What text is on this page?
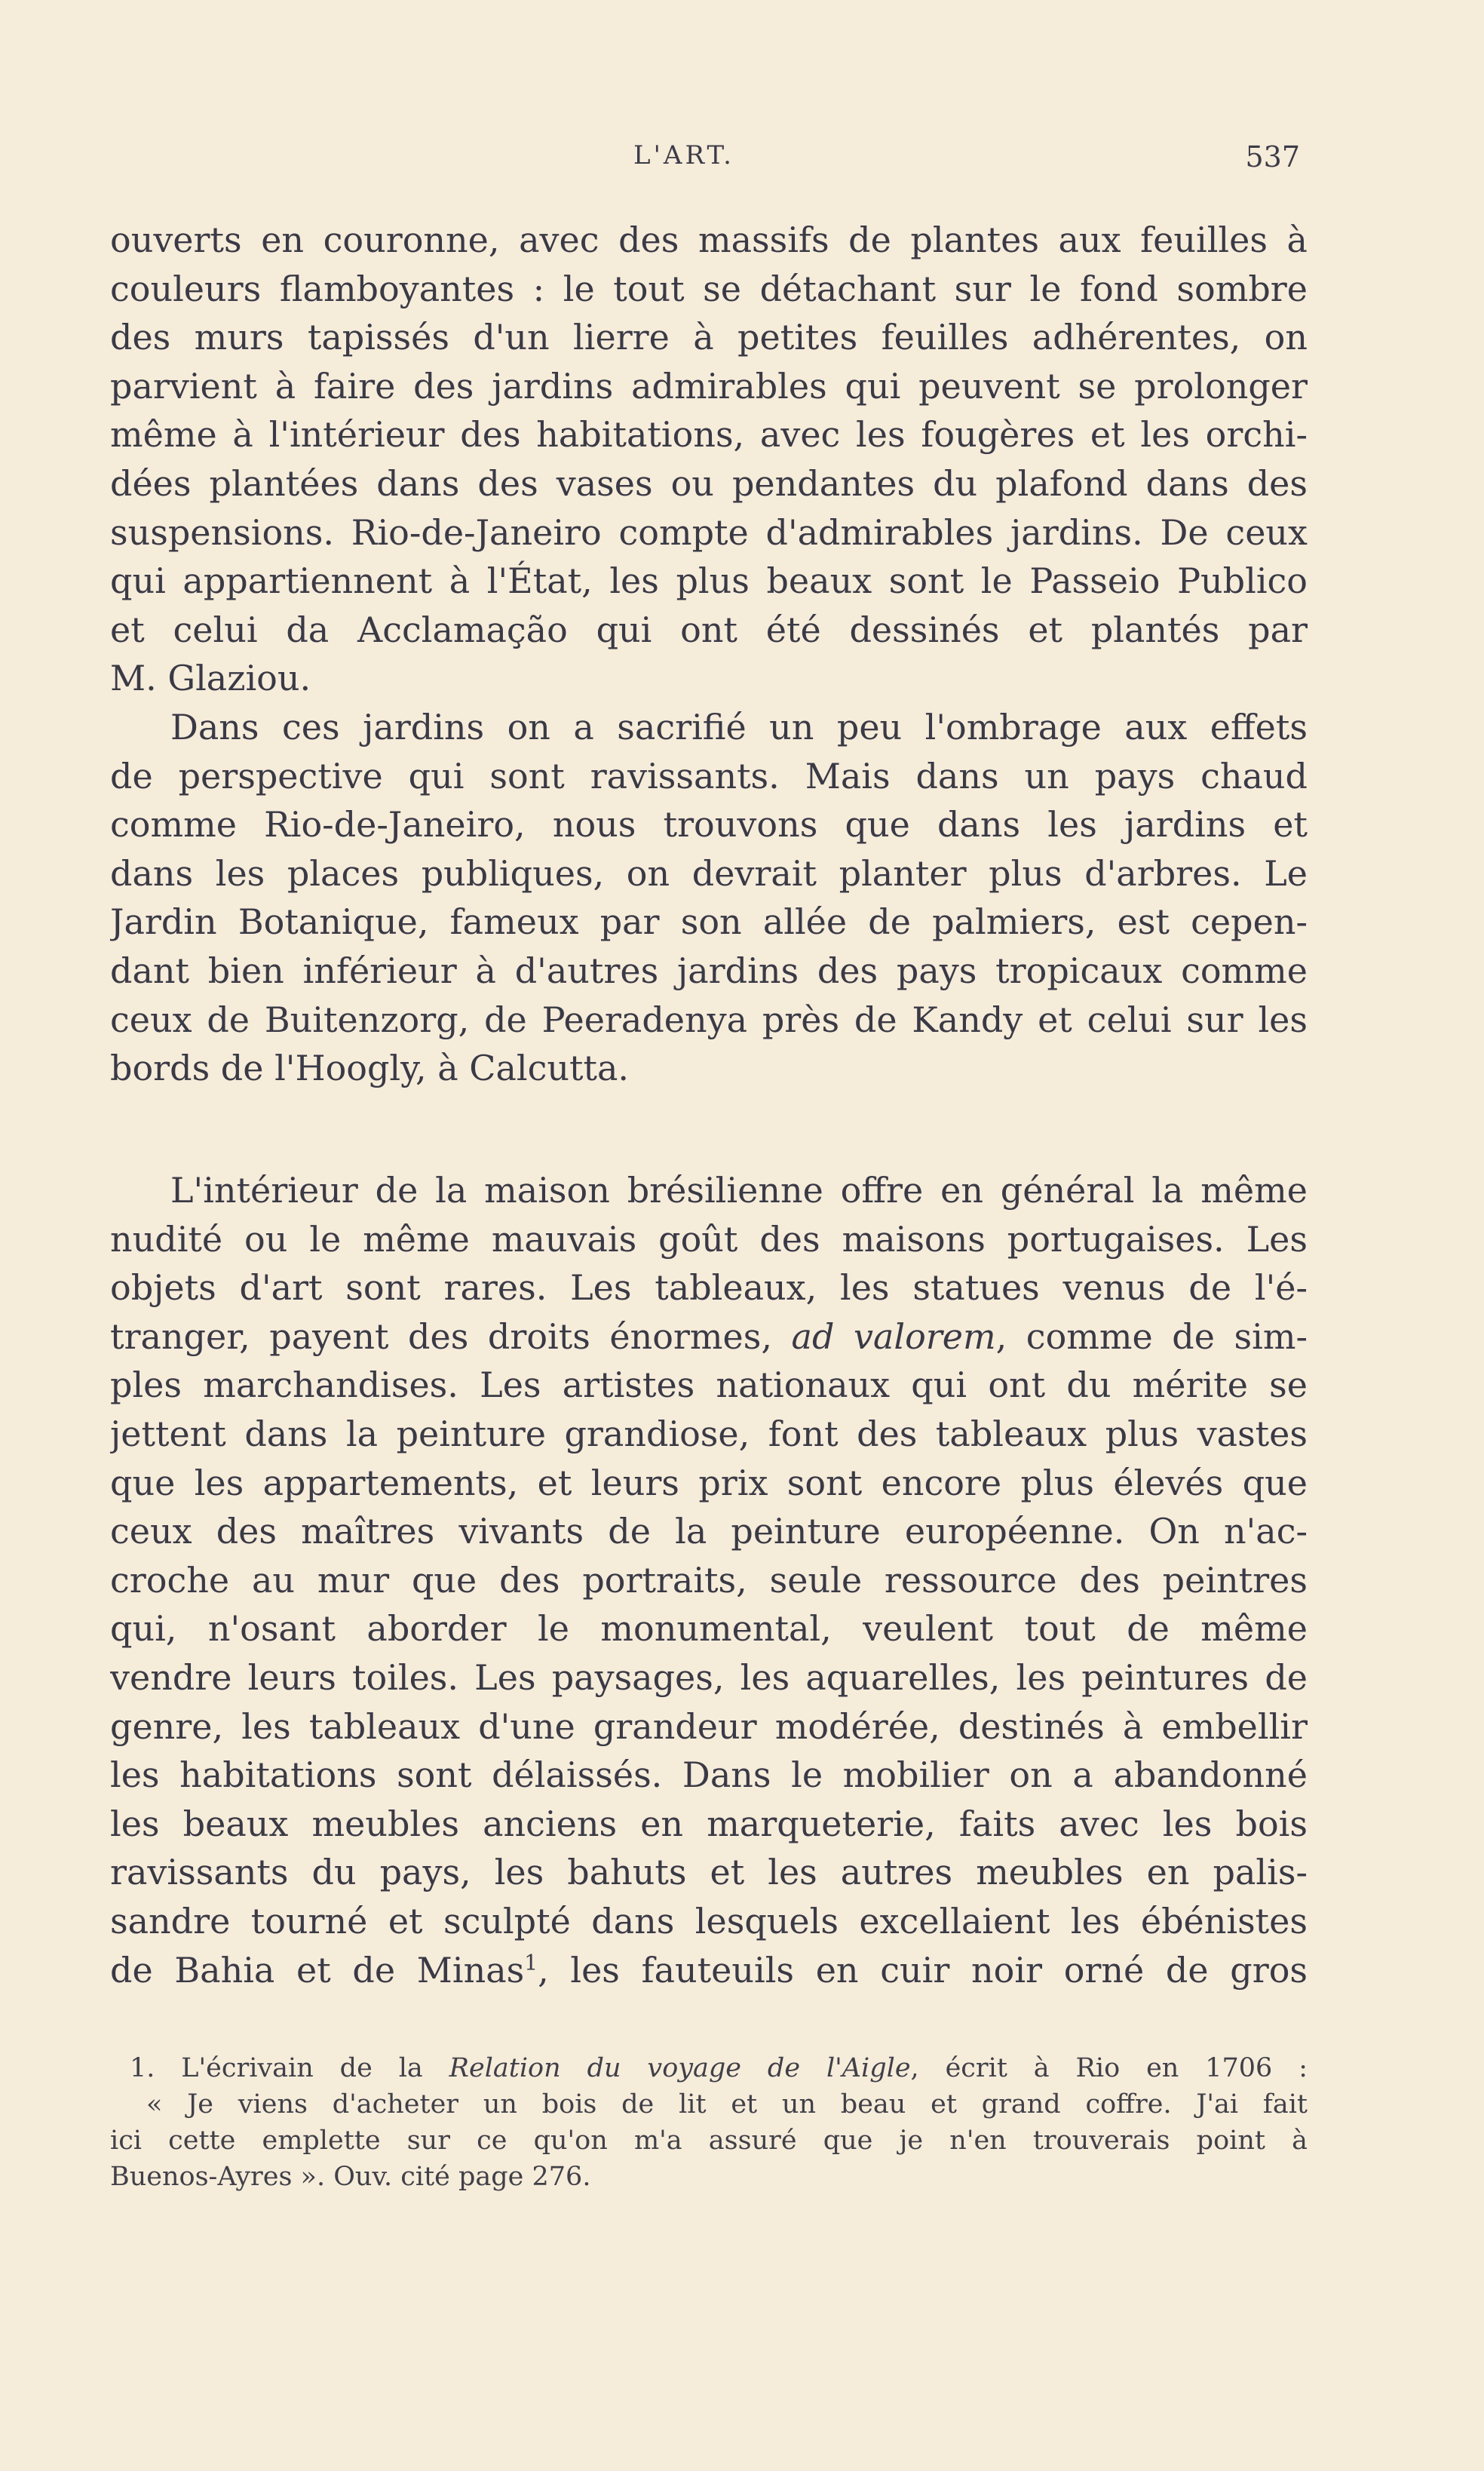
L'ART.	537
ouverts en couronne, avec des massifs de plantes aux feuilles à
couleurs flamboyantes : le tout se détachant sur le fond sombre
des murs tapissés d'un lierre à petites feuilles adhérentes, on
parvient à faire des jardins admirables qui peuvent se prolonger
même à l'intérieur des habitations, avec les fougères et les orchi-
dées plantées dans des vases ou pendantes du plafond dans des
suspensions. Rio-de-Janeiro compte d'admirables jardins. De ceux
qui appartiennent à l'État, les plus beaux sont le Passeio Publico
et celui da Acclamação qui ont été dessinés et plantés par
M. Glaziou.
Dans ces jardins on a sacrifié un peu l'ombrage aux effets
de perspective qui sont ravissants. Mais dans un pays chaud
comme Rio-de-Janeiro, nous trouvons que dans les jardins et
dans les places publiques, on devrait planter plus d'arbres. Le
Jardin Botanique, fameux par son allée de palmiers, est cepen-
dant bien inférieur à d'autres jardins des pays tropicaux comme
ceux de Buitenzorg, de Peeradenya près de Kandy et celui sur les
bords de l'Hoogly, à Calcutta.
L'intérieur de la maison brésilienne offre en général la même
nudité ou le même mauvais goût des maisons portugaises. Les
objets d'art sont rares. Les tableaux, les statues venus de l'é-
tranger, payent des droits énormes, ad valorem, comme de sim-
ples marchandises. Les artistes nationaux qui ont du mérite se
jettent dans la peinture grandiose, font des tableaux plus vastes
que les appartements, et leurs prix sont encore plus élevés que
ceux des maîtres vivants de la peinture européenne. On n'ac-
croche au mur que des portraits, seule ressource des peintres
qui, n'osant aborder le monumental, veulent tout de même
vendre leurs toiles. Les paysages, les aquarelles, les peintures de
genre, les tableaux d'une grandeur modérée, destinés à embellir
les habitations sont délaissés. Dans le mobilier on a abandonné
les beaux meubles anciens en marqueterie, faits avec les bois
ravissants du pays, les bahuts et les autres meubles en palis-
sandre tourné et sculpté dans lesquels excellaient les ébénistes
de Bahia et de Minas$^1$, les fauteuils en cuir noir orné de gros
1. L'écrivain de la Relation du voyage de l'Aigle, écrit à Rio en 1706 :
« Je viens d'acheter un bois de lit et un beau et grand coffre. J'ai fait
ici cette emplette sur ce qu'on m'a assuré que je n'en trouverais point à
Buenos-Ayres ». Ouv. cité page 276.
